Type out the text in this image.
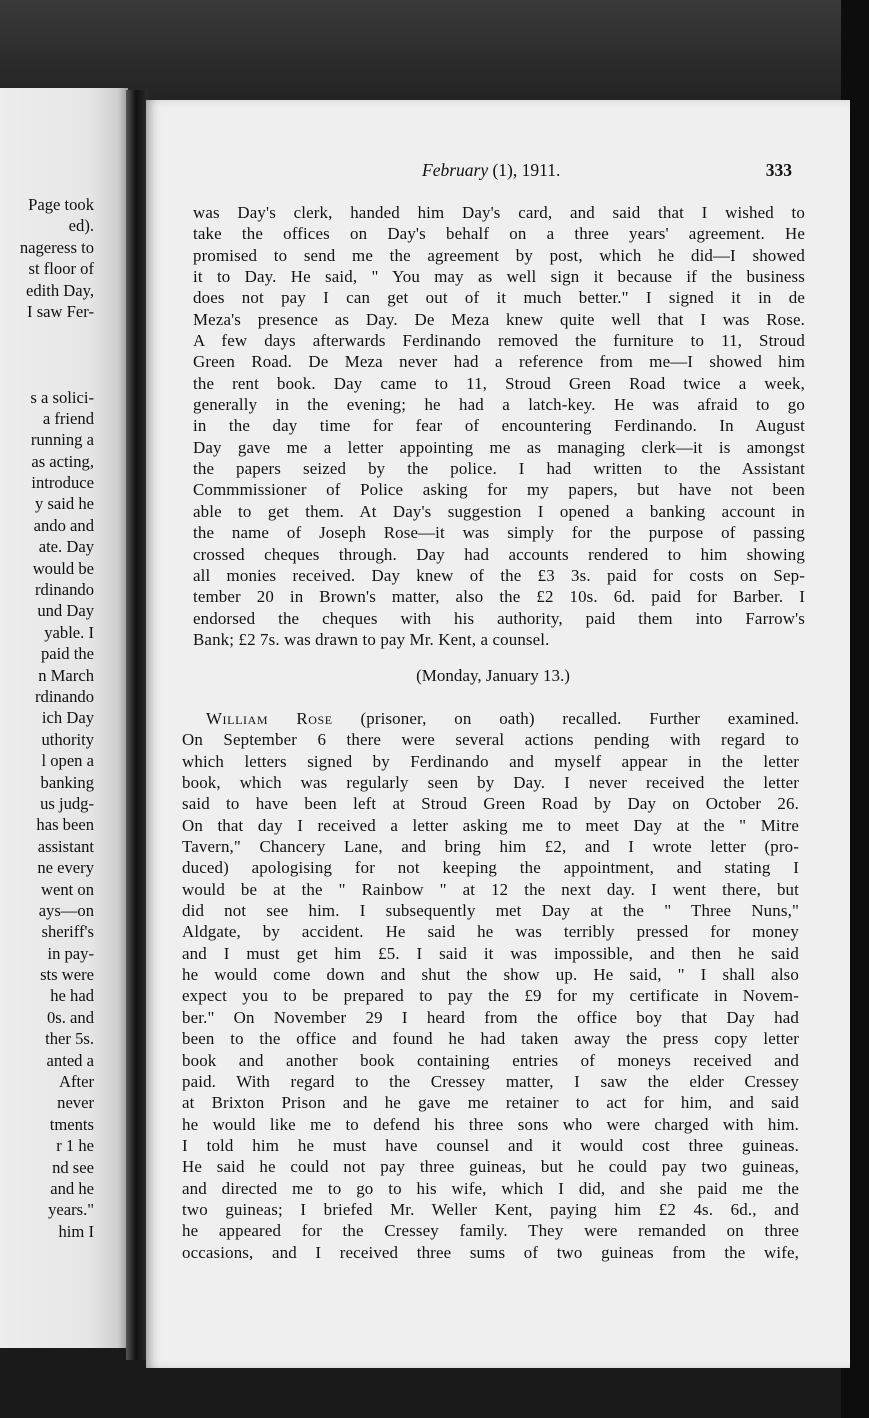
Page took
ed).
nageress to
st floor of
edith Day,
I saw Fer-
s a solici-
a friend
running a
as acting,
introduce
y said he
ando and
ate. Day
would be
rdinando
und Day
yable. I
paid the
n March
rdinando
ich Day
uthority
l open a
banking
us judg-
has been
assistant
ne every
went on
ays—on
sheriff's
in pay-
sts were
he had
0s. and
ther 5s.
anted a
After
never
tments
r 1 he
nd see
and he
years."
him I
February (1), 1911.	333
was Day's clerk, handed him Day's card, and said that I wished to
take the offices on Day's behalf on a three years' agreement. He
promised to send me the agreement by post, which he did—I showed
it to Day. He said, " You may as well sign it because if the business
does not pay I can get out of it much better." I signed it in de
Meza's presence as Day. De Meza knew quite well that I was Rose.
A few days afterwards Ferdinando removed the furniture to 11, Stroud
Green Road. De Meza never had a reference from me—I showed him
the rent book. Day came to 11, Stroud Green Road twice a week,
generally in the evening; he had a latch-key. He was afraid to go
in the day time for fear of encountering Ferdinando. In August
Day gave me a letter appointing me as managing clerk—it is amongst
the papers seized by the police. I had written to the Assistant
Commmissioner of Police asking for my papers, but have not been
able to get them. At Day's suggestion I opened a banking account in
the name of Joseph Rose—it was simply for the purpose of passing
crossed cheques through. Day had accounts rendered to him showing
all monies received. Day knew of the £3 3s. paid for costs on Sep-
tember 20 in Brown's matter, also the £2 10s. 6d. paid for Barber. I
endorsed the cheques with his authority, paid them into Farrow's
Bank; £2 7s. was drawn to pay Mr. Kent, a counsel.
(Monday, January 13.)
William Rose (prisoner, on oath) recalled. Further examined.
On September 6 there were several actions pending with regard to
which letters signed by Ferdinando and myself appear in the letter
book, which was regularly seen by Day. I never received the letter
said to have been left at Stroud Green Road by Day on October 26.
On that day I received a letter asking me to meet Day at the " Mitre
Tavern," Chancery Lane, and bring him £2, and I wrote letter (pro-
duced) apologising for not keeping the appointment, and stating I
would be at the " Rainbow " at 12 the next day. I went there, but
did not see him. I subsequently met Day at the " Three Nuns,"
Aldgate, by accident. He said he was terribly pressed for money
and I must get him £5. I said it was impossible, and then he said
he would come down and shut the show up. He said, " I shall also
expect you to be prepared to pay the £9 for my certificate in Novem-
ber." On November 29 I heard from the office boy that Day had
been to the office and found he had taken away the press copy letter
book and another book containing entries of moneys received and
paid. With regard to the Cressey matter, I saw the elder Cressey
at Brixton Prison and he gave me retainer to act for him, and said
he would like me to defend his three sons who were charged with him.
I told him he must have counsel and it would cost three guineas.
He said he could not pay three guineas, but he could pay two guineas,
and directed me to go to his wife, which I did, and she paid me the
two guineas; I briefed Mr. Weller Kent, paying him £2 4s. 6d., and
he appeared for the Cressey family. They were remanded on three
occasions, and I received three sums of two guineas from the wife,
